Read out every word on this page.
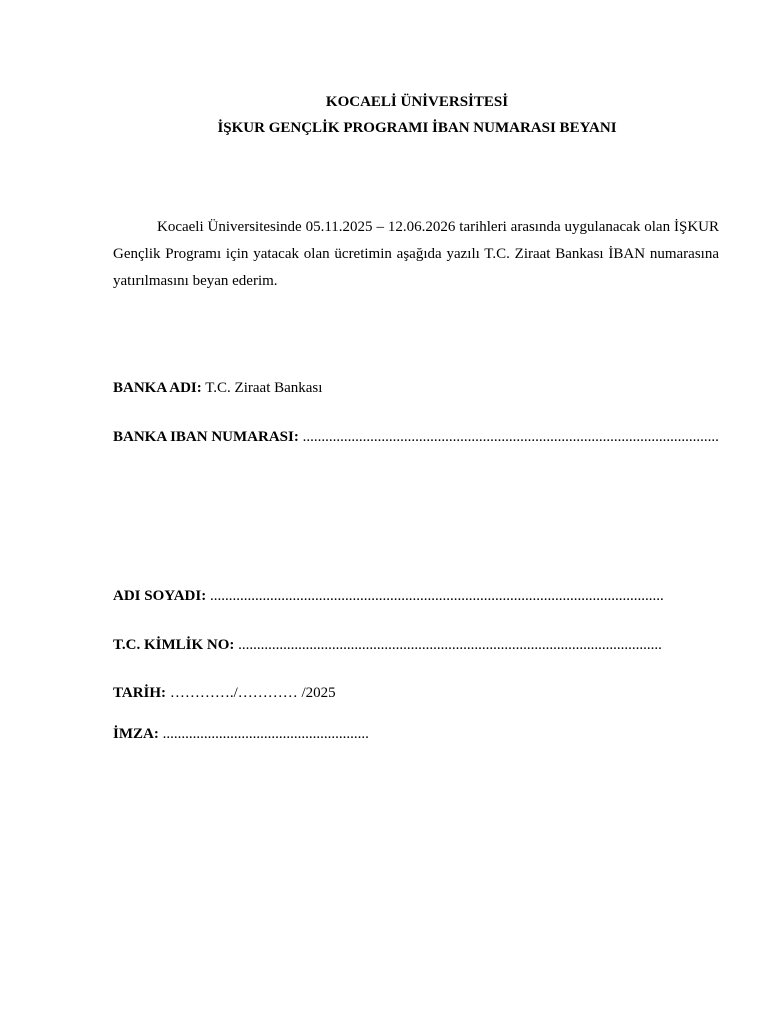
KOCAELİ ÜNİVERSİTESİ
İŞKUR GENÇLİK PROGRAMI İBAN NUMARASI BEYANI
Kocaeli Üniversitesinde 05.11.2025 – 12.06.2026 tarihleri arasında uygulanacak olan İŞKUR Gençlik Programı için yatacak olan ücretimin aşağıda yazılı T.C. Ziraat Bankası İBAN numarasına yatırılmasını beyan ederim.
BANKA ADI: T.C. Ziraat Bankası
BANKA IBAN NUMARASI: ...............................................................................................................
ADI SOYADI: .........................................................................................................................
T.C. KİMLİK NO: .................................................................................................................
TARİH: …………./………… /2025
İMZA: .......................................................
